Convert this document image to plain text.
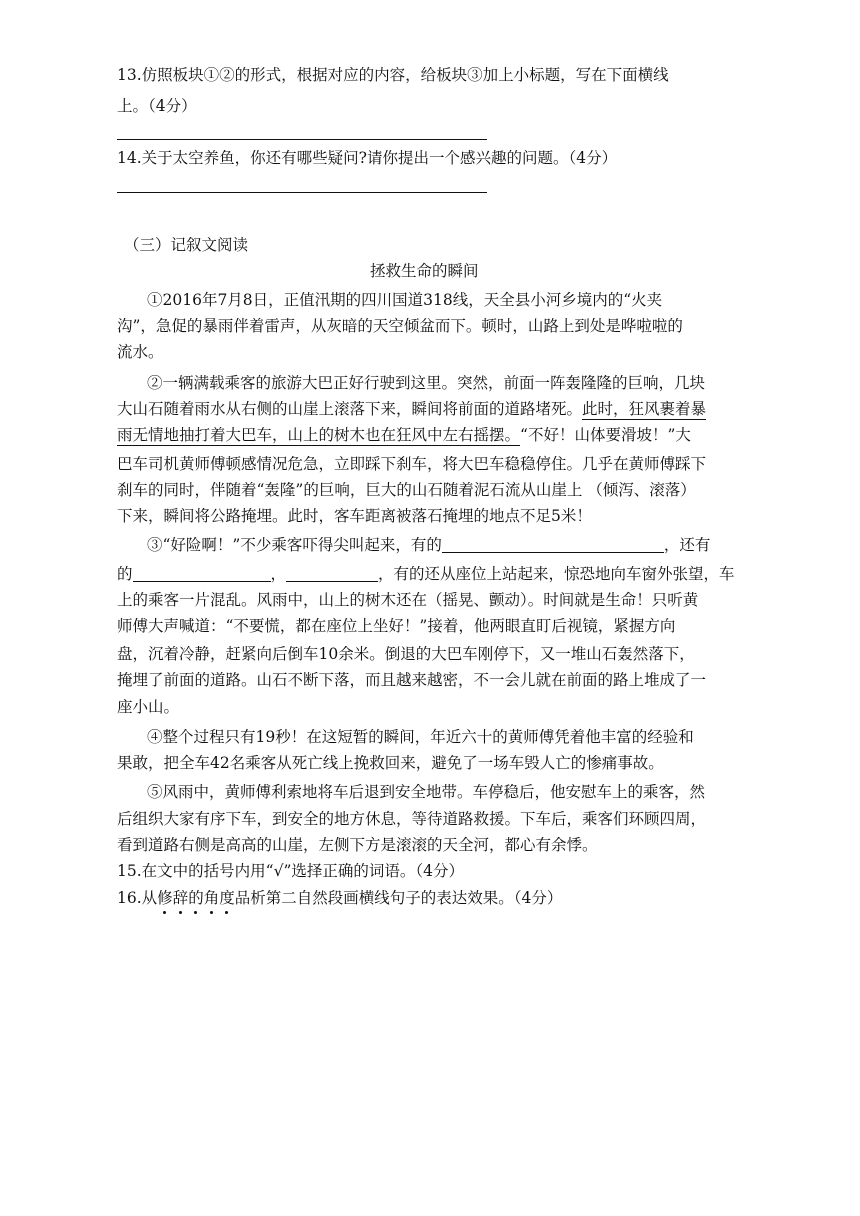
13.仿照板块①②的形式，根据对应的内容，给板块③加上小标题，写在下面横线
上。（4分）
14.关于太空养鱼，你还有哪些疑问?请你提出一个感兴趣的问题。（4分）
（三）记叙文阅读
拯救生命的瞬间
①2016年7月8日，正值汛期的四川国道318线，天全县小河乡境内的“火夹
沟”，急促的暴雨伴着雷声，从灰暗的天空倾盆而下。顿时，山路上到处是哗啦啦的
流水。
②一辆满载乘客的旅游大巴正好行驶到这里。突然，前面一阵轰隆隆的巨响，几块
大山石随着雨水从右侧的山崖上滚落下来，瞬间将前面的道路堵死。此时，狂风裹着暴
雨无情地抽打着大巴车，山上的树木也在狂风中左右摇摆。“不好！山体要滑坡！”大
巴车司机黄师傅顿感情况危急，立即踩下刹车，将大巴车稳稳停住。几乎在黄师傅踩下
刹车的同时，伴随着“轰隆”的巨响，巨大的山石随着泥石流从山崖上 （倾泻、滚落）
下来，瞬间将公路掩埋。此时，客车距离被落石掩埋的地点不足5米！
③“好险啊！”不少乘客吓得尖叫起来，有的	，还有
的	，	，有的还从座位上站起来，惊恐地向车窗外张望，车
上的乘客一片混乱。风雨中，山上的树木还在（摇晃、颤动）。时间就是生命！只听黄
师傅大声喊道：“不要慌，都在座位上坐好！”接着，他两眼直盯后视镜，紧握方向
盘，沉着冷静，赶紧向后倒车10余米。倒退的大巴车刚停下，又一堆山石轰然落下，
掩埋了前面的道路。山石不断下落，而且越来越密，不一会儿就在前面的路上堆成了一
座小山。
④整个过程只有19秒！在这短暂的瞬间，年近六十的黄师傅凭着他丰富的经验和
果敢，把全车42名乘客从死亡线上挽救回来，避免了一场车毁人亡的惨痛事故。
⑤风雨中，黄师傅利索地将车后退到安全地带。车停稳后，他安慰车上的乘客，然
后组织大家有序下车，到安全的地方休息，等待道路救援。下车后，乘客们环顾四周，
看到道路右侧是高高的山崖，左侧下方是滚滚的天全河，都心有余悸。
15.在文中的括号内用“√”选择正确的词语。（4分）
16.从修辞的角度品析第二自然段画横线句子的表达效果。（4分）
